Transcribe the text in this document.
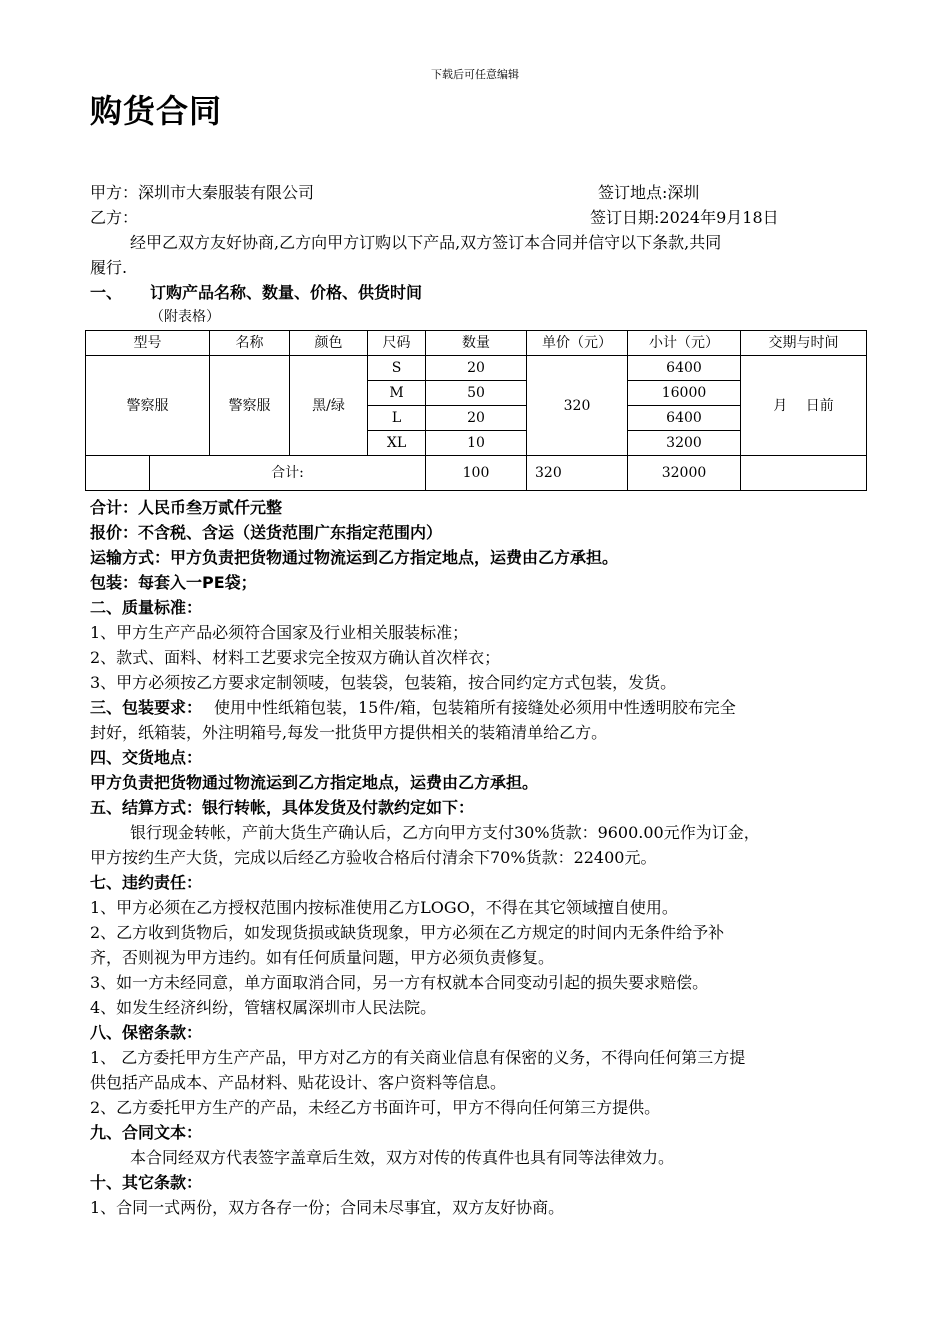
下载后可任意编辑
购货合同
甲方：深圳市大秦服装有限公司	签订地点:深圳
乙方：	签订日期:2024年9月18日
经甲乙双方友好协商,乙方向甲方订购以下产品,双方签订本合同并信守以下条款,共同
履行.
一、 订购产品名称、数量、价格、供货时间
（附表格）
型号		名称	颜色	尺码	数量	单价（元）	小计（元）	交期与时间
警察服		警察服	黑/绿	S	20	320	6400	月　 日前
				M	50		16000	
				L	20		6400	
				XL	10		3200	
	合计:				100	320	32000	
合计：人民币叁万贰仟元整
报价：不含税、含运（送货范围广东指定范围内）
运输方式：甲方负责把货物通过物流运到乙方指定地点，运费由乙方承担。
包装：每套入一PE袋；
二、质量标准：
1、甲方生产产品必须符合国家及行业相关服装标准；
2、款式、面料、材料工艺要求完全按双方确认首次样衣；
3、甲方必须按乙方要求定制领唛，包装袋，包装箱，按合同约定方式包装，发货。
三、包装要求： 使用中性纸箱包装，15件/箱，包装箱所有接缝处必须用中性透明胶布完全
封好，纸箱装，外注明箱号,每发一批货甲方提供相关的装箱清单给乙方。
四、交货地点：
甲方负责把货物通过物流运到乙方指定地点，运费由乙方承担。
五、结算方式：银行转帐，具体发货及付款约定如下：
银行现金转帐，产前大货生产确认后，乙方向甲方支付30%货款：9600.00元作为订金，
甲方按约生产大货，完成以后经乙方验收合格后付清余下70%货款：22400元。
七、违约责任：
1、甲方必须在乙方授权范围内按标准使用乙方LOGO，不得在其它领域擅自使用。
2、乙方收到货物后，如发现货损或缺货现象，甲方必须在乙方规定的时间内无条件给予补
齐，否则视为甲方违约。如有任何质量问题，甲方必须负责修复。
3、如一方未经同意，单方面取消合同，另一方有权就本合同变动引起的损失要求赔偿。
4、如发生经济纠纷，管辖权属深圳市人民法院。
八、保密条款：
1、 乙方委托甲方生产产品，甲方对乙方的有关商业信息有保密的义务，不得向任何第三方提
供包括产品成本、产品材料、贴花设计、客户资料等信息。
2、乙方委托甲方生产的产品，未经乙方书面许可，甲方不得向任何第三方提供。
九、合同文本：
本合同经双方代表签字盖章后生效，双方对传的传真件也具有同等法律效力。
十、其它条款：
1、合同一式两份，双方各存一份；合同未尽事宜，双方友好协商。
